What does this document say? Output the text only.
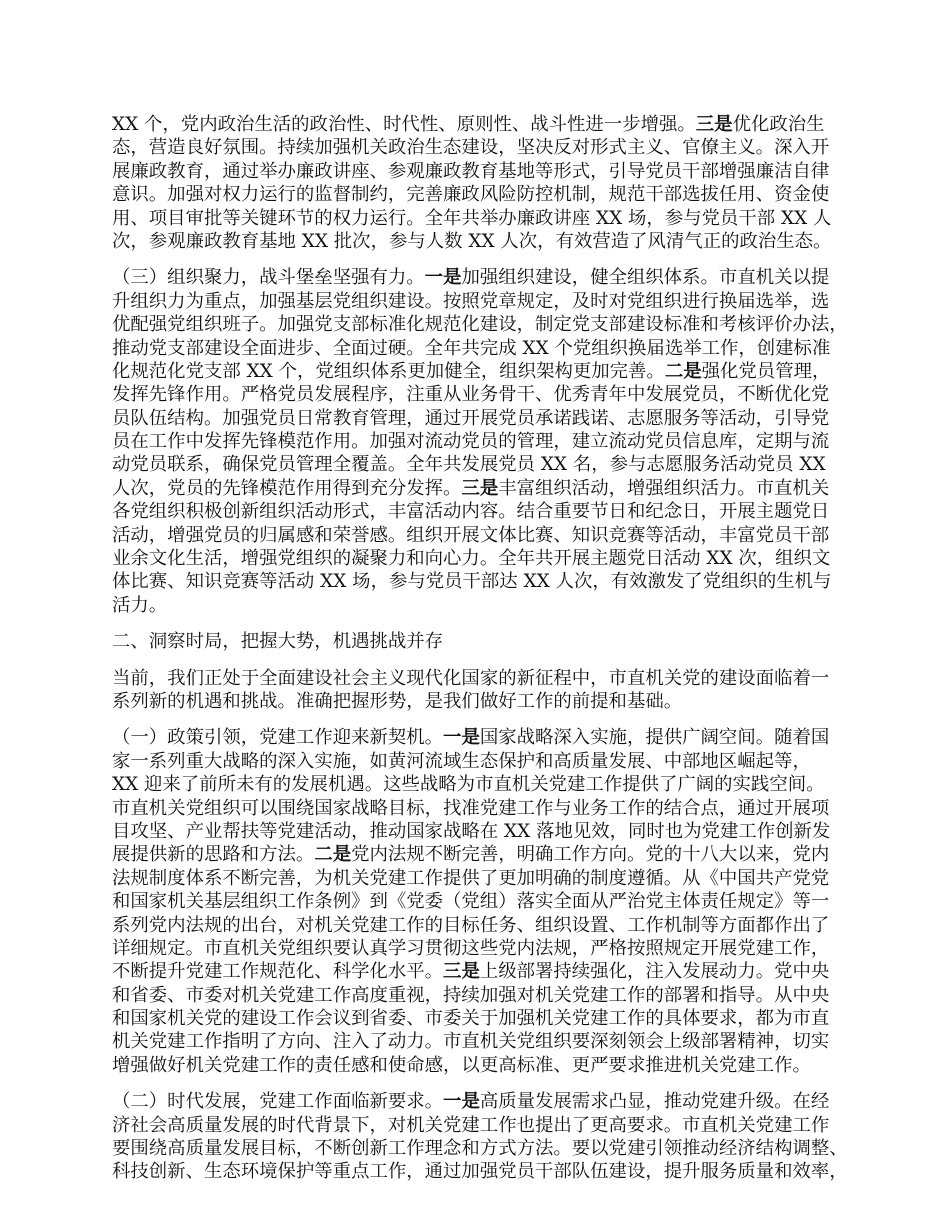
XX 个，党内政治生活的政治性、时代性、原则性、战斗性进一步增强。三是优化政治生
态，营造良好氛围。持续加强机关政治生态建设，坚决反对形式主义、官僚主义。深入开
展廉政教育，通过举办廉政讲座、参观廉政教育基地等形式，引导党员干部增强廉洁自律
意识。加强对权力运行的监督制约，完善廉政风险防控机制，规范干部选拔任用、资金使
用、项目审批等关键环节的权力运行。全年共举办廉政讲座 XX 场，参与党员干部 XX 人
次，参观廉政教育基地 XX 批次，参与人数 XX 人次，有效营造了风清气正的政治生态。
（三）组织聚力，战斗堡垒坚强有力。一是加强组织建设，健全组织体系。市直机关以提
升组织力为重点，加强基层党组织建设。按照党章规定，及时对党组织进行换届选举，选
优配强党组织班子。加强党支部标准化规范化建设，制定党支部建设标准和考核评价办法，
推动党支部建设全面进步、全面过硬。全年共完成 XX 个党组织换届选举工作，创建标准
化规范化党支部 XX 个，党组织体系更加健全，组织架构更加完善。二是强化党员管理，
发挥先锋作用。严格党员发展程序，注重从业务骨干、优秀青年中发展党员，不断优化党
员队伍结构。加强党员日常教育管理，通过开展党员承诺践诺、志愿服务等活动，引导党
员在工作中发挥先锋模范作用。加强对流动党员的管理，建立流动党员信息库，定期与流
动党员联系，确保党员管理全覆盖。全年共发展党员 XX 名，参与志愿服务活动党员 XX
人次，党员的先锋模范作用得到充分发挥。三是丰富组织活动，增强组织活力。市直机关
各党组织积极创新组织活动形式，丰富活动内容。结合重要节日和纪念日，开展主题党日
活动，增强党员的归属感和荣誉感。组织开展文体比赛、知识竞赛等活动，丰富党员干部
业余文化生活，增强党组织的凝聚力和向心力。全年共开展主题党日活动 XX 次，组织文
体比赛、知识竞赛等活动 XX 场，参与党员干部达 XX 人次，有效激发了党组织的生机与
活力。
二、洞察时局，把握大势，机遇挑战并存
当前，我们正处于全面建设社会主义现代化国家的新征程中，市直机关党的建设面临着一
系列新的机遇和挑战。准确把握形势，是我们做好工作的前提和基础。
（一）政策引领，党建工作迎来新契机。一是国家战略深入实施，提供广阔空间。随着国
家一系列重大战略的深入实施，如黄河流域生态保护和高质量发展、中部地区崛起等，
XX 迎来了前所未有的发展机遇。这些战略为市直机关党建工作提供了广阔的实践空间。
市直机关党组织可以围绕国家战略目标，找准党建工作与业务工作的结合点，通过开展项
目攻坚、产业帮扶等党建活动，推动国家战略在 XX 落地见效，同时也为党建工作创新发
展提供新的思路和方法。二是党内法规不断完善，明确工作方向。党的十八大以来，党内
法规制度体系不断完善，为机关党建工作提供了更加明确的制度遵循。从《中国共产党党
和国家机关基层组织工作条例》到《党委（党组）落实全面从严治党主体责任规定》等一
系列党内法规的出台，对机关党建工作的目标任务、组织设置、工作机制等方面都作出了
详细规定。市直机关党组织要认真学习贯彻这些党内法规，严格按照规定开展党建工作，
不断提升党建工作规范化、科学化水平。三是上级部署持续强化，注入发展动力。党中央
和省委、市委对机关党建工作高度重视，持续加强对机关党建工作的部署和指导。从中央
和国家机关党的建设工作会议到省委、市委关于加强机关党建工作的具体要求，都为市直
机关党建工作指明了方向、注入了动力。市直机关党组织要深刻领会上级部署精神，切实
增强做好机关党建工作的责任感和使命感，以更高标准、更严要求推进机关党建工作。
（二）时代发展，党建工作面临新要求。一是高质量发展需求凸显，推动党建升级。在经
济社会高质量发展的时代背景下，对机关党建工作也提出了更高要求。市直机关党建工作
要围绕高质量发展目标，不断创新工作理念和方式方法。要以党建引领推动经济结构调整、
科技创新、生态环境保护等重点工作，通过加强党员干部队伍建设，提升服务质量和效率，
